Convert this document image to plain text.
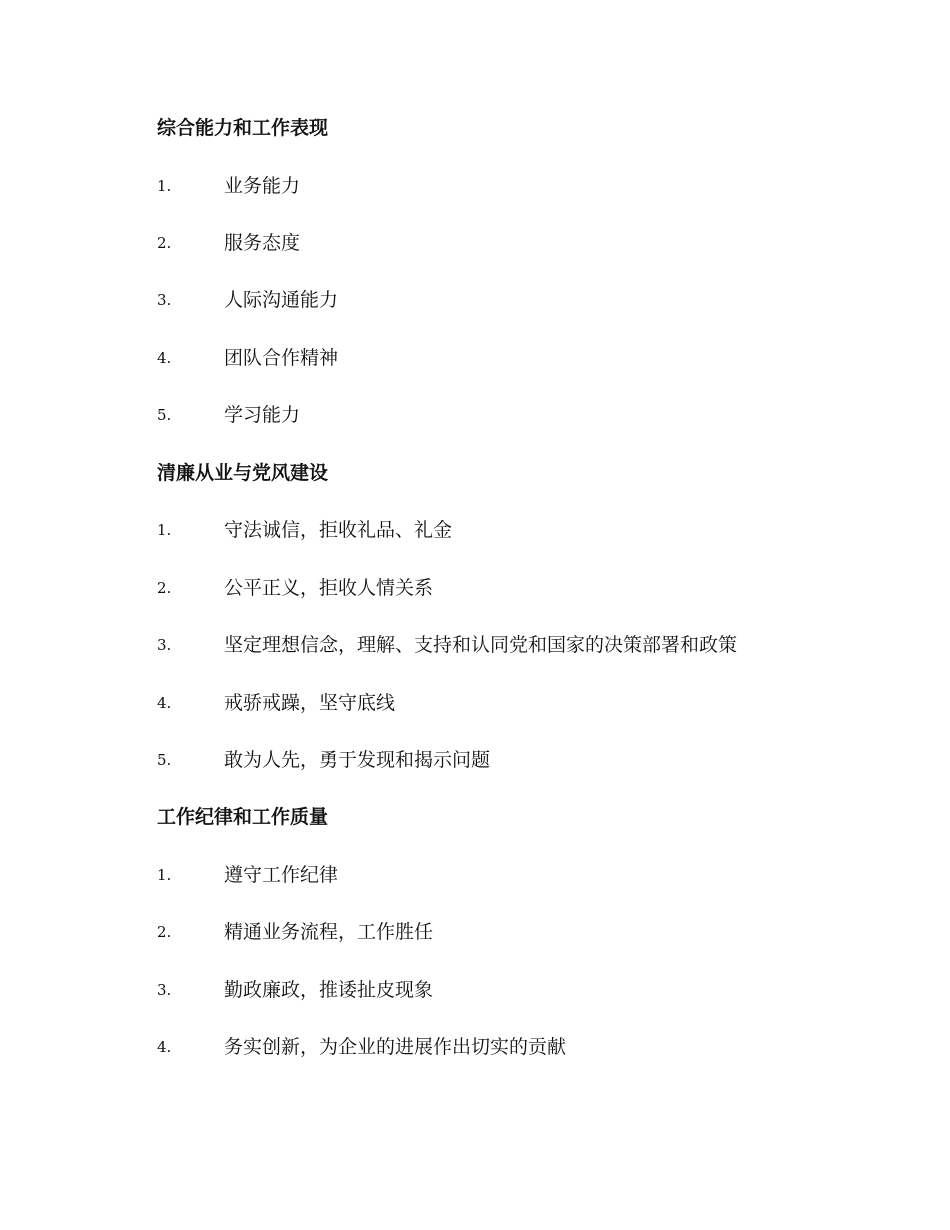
综合能力和工作表现
1.	业务能力
2.	服务态度
3.	人际沟通能力
4.	团队合作精神
5.	学习能力
清廉从业与党风建设
1.	守法诚信，拒收礼品、礼金
2.	公平正义，拒收人情关系
3.	坚定理想信念，理解、支持和认同党和国家的决策部署和政策
4.	戒骄戒躁，坚守底线
5.	敢为人先，勇于发现和揭示问题
工作纪律和工作质量
1.	遵守工作纪律
2.	精通业务流程，工作胜任
3.	勤政廉政，推诿扯皮现象
4.	务实创新，为企业的进展作出切实的贡献
